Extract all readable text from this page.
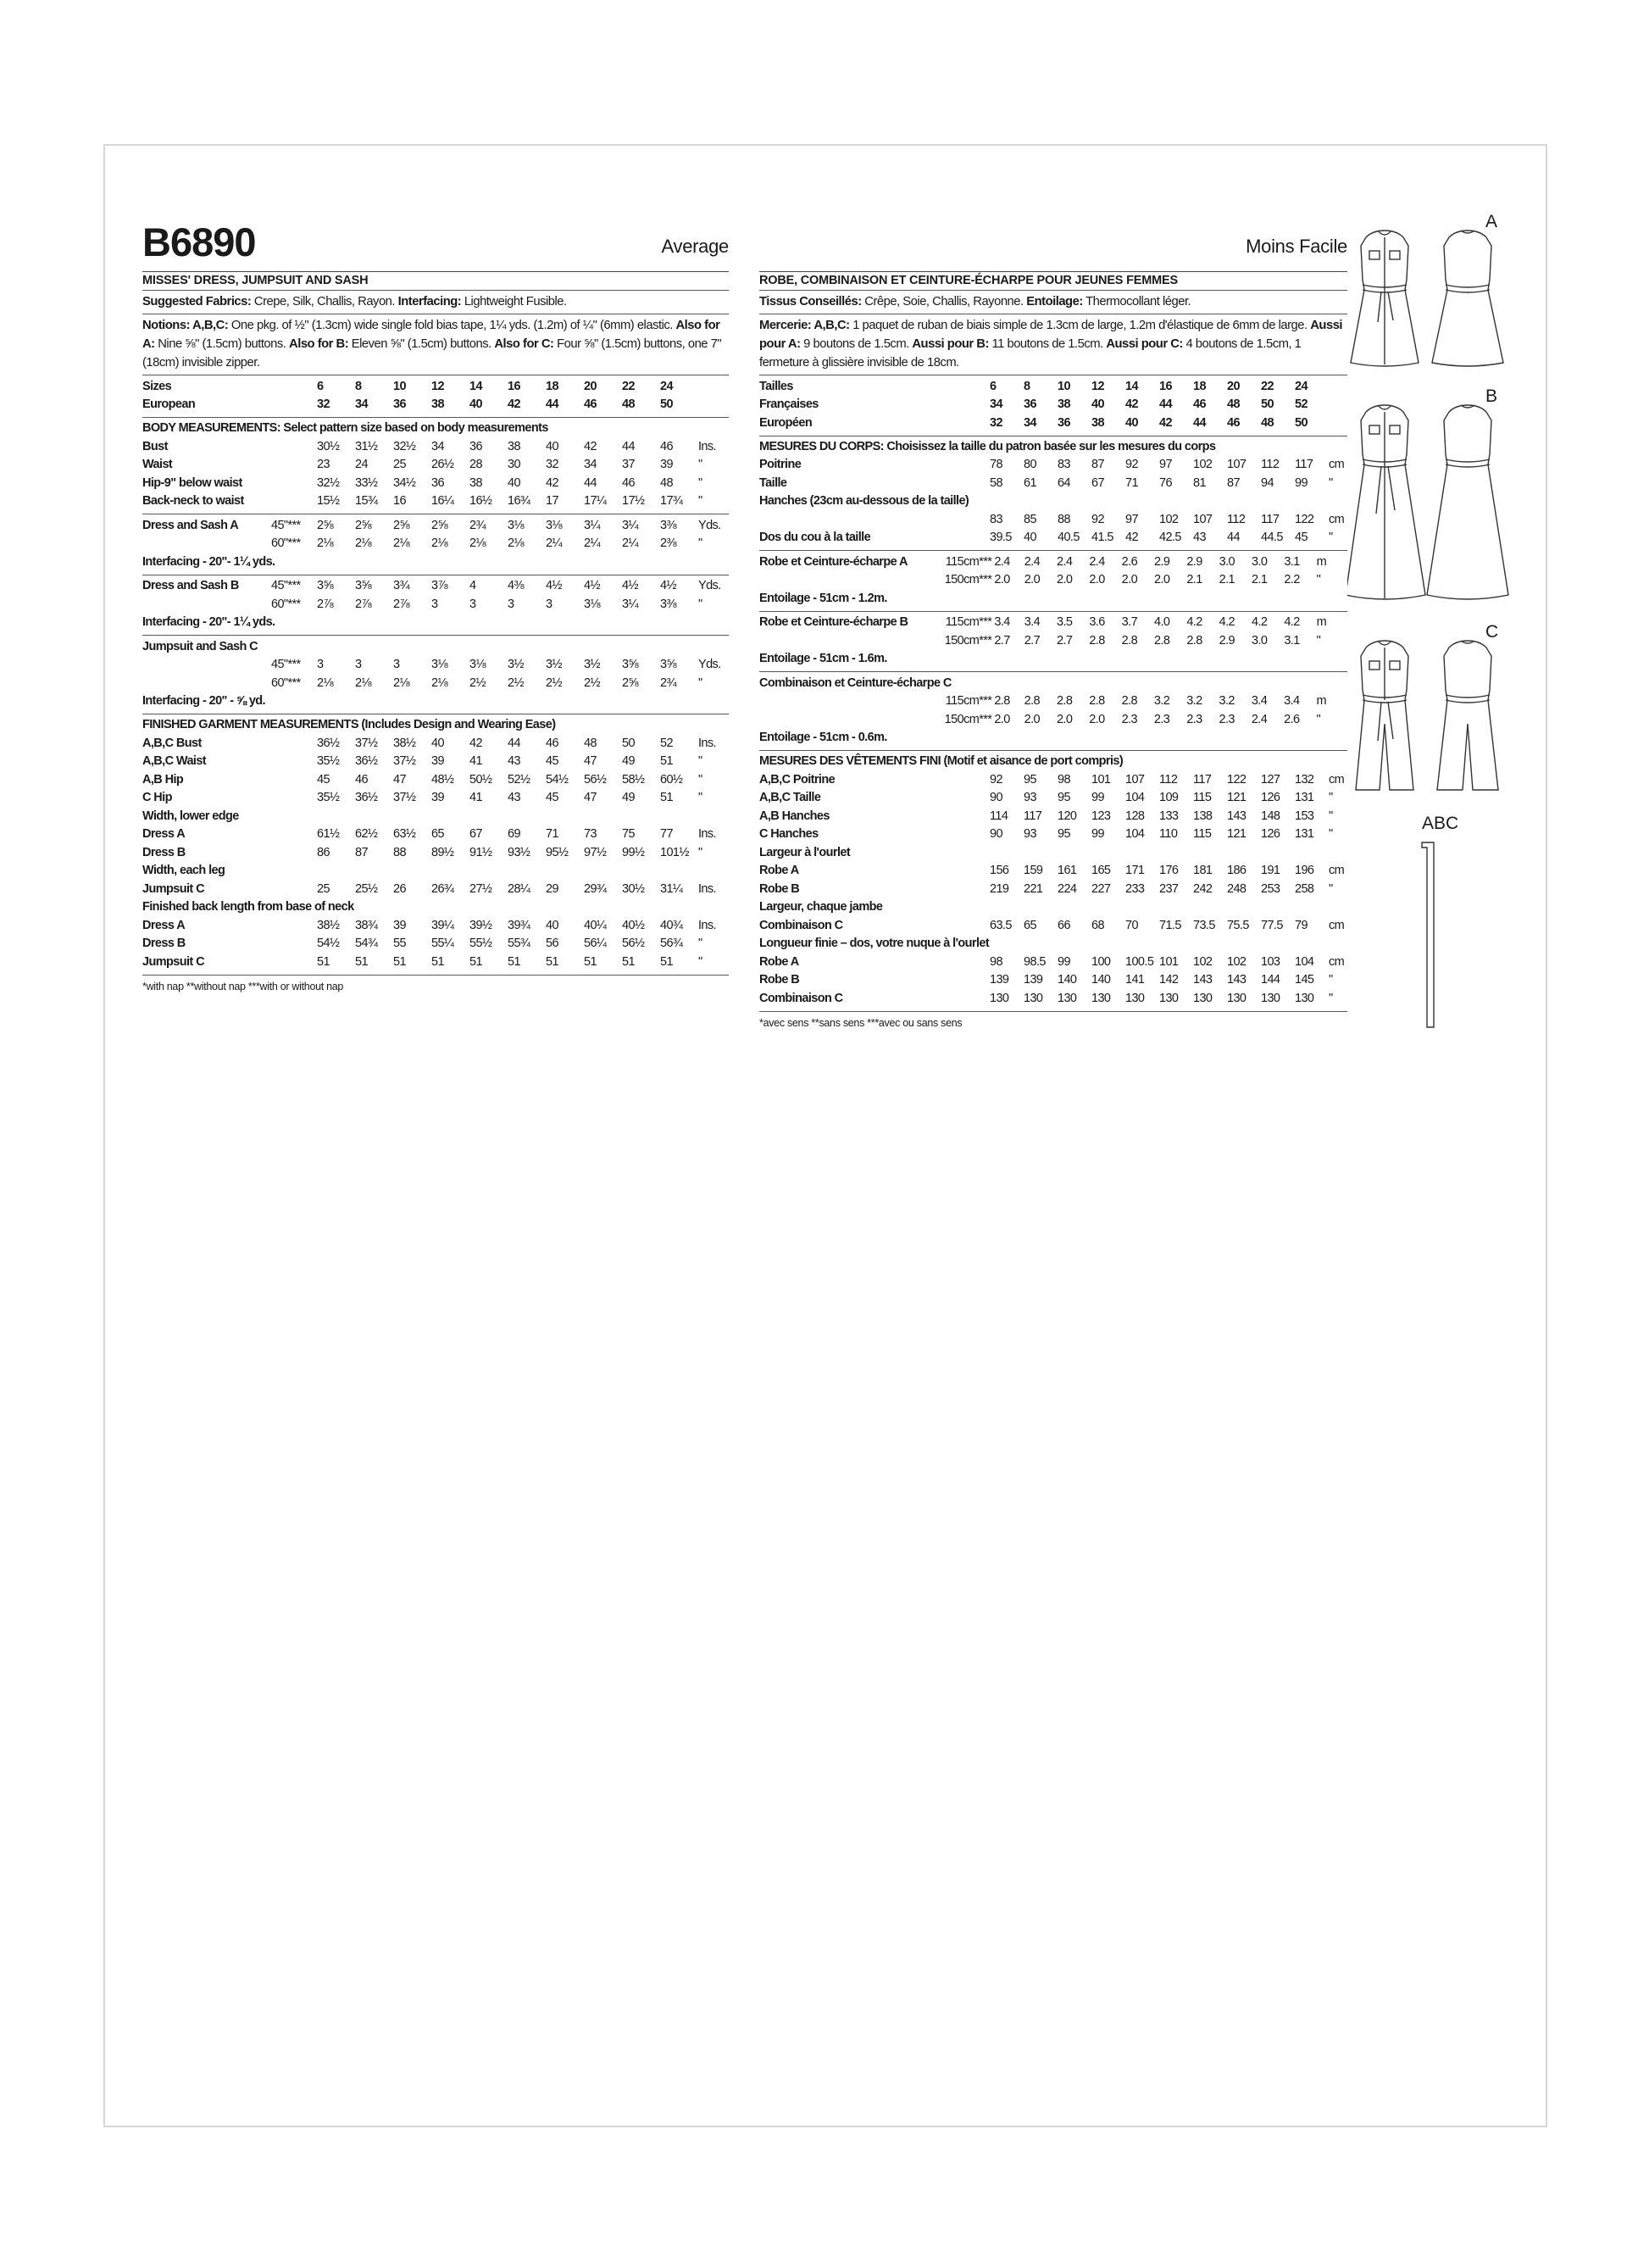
B6890	Average
MISSES' DRESS, JUMPSUIT AND SASH
Suggested Fabrics: Crepe, Silk, Challis, Rayon. Interfacing: Lightweight Fusible.
Notions: A,B,C: One pkg. of ½" (1.3cm) wide single fold bias tape, 1¼ yds. (1.2m) of ¼" (6mm) elastic. Also for A: Nine ⅝" (1.5cm) buttons. Also for B: Eleven ⅝" (1.5cm) buttons. Also for C: Four ⅝" (1.5cm) buttons, one 7" (18cm) invisible zipper.
Sizes	6	8	10	12	14	16	18	20	22	24	
European	32	34	36	38	40	42	44	46	48	50	
BODY MEASUREMENTS: Select pattern size based on body measurements
Bust	30½	31½	32½	34	36	38	40	42	44	46	Ins.
Waist	23	24	25	26½	28	30	32	34	37	39	"
Hip-9" below waist	32½	33½	34½	36	38	40	42	44	46	48	"
Back-neck to waist	15½	15¾	16	16¼	16½	16¾	17	17¼	17½	17¾	"
Dress and Sash A	45"***	2⅝	2⅝	2⅝	2⅝	2¾	3⅛	3⅛	3¼	3¼	3⅜	Yds.
	60"***	2⅛	2⅛	2⅛	2⅛	2⅛	2⅛	2¼	2¼	2¼	2⅜	"
Interfacing - 20"- 1¼ yds.												
Dress and Sash B	45"***	3⅝	3⅝	3¾	3⅞	4	4⅜	4½	4½	4½	4½	Yds.
	60"***	2⅞	2⅞	2⅞	3	3	3	3	3⅛	3¼	3⅜	"
Interfacing - 20"- 1¼ yds.												
Jumpsuit and Sash C												
	45"***	3	3	3	3⅛	3⅛	3½	3½	3½	3⅝	3⅝	Yds.
	60"***	2⅛	2⅛	2⅛	2⅛	2½	2½	2½	2½	2⅝	2¾	"
Interfacing - 20" - ⅝ yd.												
FINISHED GARMENT MEASUREMENTS (Includes Design and Wearing Ease)
A,B,C Bust	36½	37½	38½	40	42	44	46	48	50	52	Ins.
A,B,C Waist	35½	36½	37½	39	41	43	45	47	49	51	"
A,B Hip	45	46	47	48½	50½	52½	54½	56½	58½	60½	"
C Hip	35½	36½	37½	39	41	43	45	47	49	51	"
Width, lower edge											
Dress A	61½	62½	63½	65	67	69	71	73	75	77	Ins.
Dress B	86	87	88	89½	91½	93½	95½	97½	99½	101½	"
Width, each leg											
Jumpsuit C	25	25½	26	26¾	27½	28¼	29	29¾	30½	31¼	Ins.
Finished back length from base of neck											
Dress A	38½	38¾	39	39¼	39½	39¾	40	40¼	40½	40¾	Ins.
Dress B	54½	54¾	55	55¼	55½	55¾	56	56¼	56½	56¾	"
Jumpsuit C	51	51	51	51	51	51	51	51	51	51	"
*with nap **without nap ***with or without nap
Moins Facile
ROBE, COMBINAISON ET CEINTURE-ÉCHARPE POUR JEUNES FEMMES
Tissus Conseillés: Crêpe, Soie, Challis, Rayonne. Entoilage: Thermocollant léger.
Mercerie: A,B,C: 1 paquet de ruban de biais simple de 1.3cm de large, 1.2m d'élastique de 6mm de large. Aussi pour A: 9 boutons de 1.5cm. Aussi pour B: 11 boutons de 1.5cm. Aussi pour C: 4 boutons de 1.5cm, 1 fermeture à glissière invisible de 18cm.
Tailles	6	8	10	12	14	16	18	20	22	24	
Françaises	34	36	38	40	42	44	46	48	50	52	
Européen	32	34	36	38	40	42	44	46	48	50	
MESURES DU CORPS: Choisissez la taille du patron basée sur les mesures du corps
Poitrine	78	80	83	87	92	97	102	107	112	117	cm
Taille	58	61	64	67	71	76	81	87	94	99	"
Hanches (23cm au-dessous de la taille)											
	83	85	88	92	97	102	107	112	117	122	cm
Dos du cou à la taille	39.5	40	40.5	41.5	42	42.5	43	44	44.5	45	"
Robe et Ceinture-écharpe A	115cm***	2.4	2.4	2.4	2.4	2.6	2.9	2.9	3.0	3.0	3.1	m
	150cm***	2.0	2.0	2.0	2.0	2.0	2.0	2.1	2.1	2.1	2.2	"
Entoilage - 51cm - 1.2m.												
Robe et Ceinture-écharpe B	115cm***	3.4	3.4	3.5	3.6	3.7	4.0	4.2	4.2	4.2	4.2	m
	150cm***	2.7	2.7	2.7	2.8	2.8	2.8	2.8	2.9	3.0	3.1	"
Entoilage - 51cm - 1.6m.												
Combinaison et Ceinture-écharpe C												
	115cm***	2.8	2.8	2.8	2.8	2.8	3.2	3.2	3.2	3.4	3.4	m
	150cm***	2.0	2.0	2.0	2.0	2.3	2.3	2.3	2.3	2.4	2.6	"
Entoilage - 51cm - 0.6m.												
MESURES DES VÊTEMENTS FINI (Motif et aisance de port compris)
A,B,C Poitrine	92	95	98	101	107	112	117	122	127	132	cm
A,B,C Taille	90	93	95	99	104	109	115	121	126	131	"
A,B Hanches	114	117	120	123	128	133	138	143	148	153	"
C Hanches	90	93	95	99	104	110	115	121	126	131	"
Largeur à l'ourlet											
Robe A	156	159	161	165	171	176	181	186	191	196	cm
Robe B	219	221	224	227	233	237	242	248	253	258	"
Largeur, chaque jambe											
Combinaison C	63.5	65	66	68	70	71.5	73.5	75.5	77.5	79	cm
Longueur finie – dos, votre nuque à l'ourlet											
Robe A	98	98.5	99	100	100.5	101	102	102	103	104	cm
Robe B	139	139	140	140	141	142	143	143	144	145	"
Combinaison C	130	130	130	130	130	130	130	130	130	130	"
*avec sens **sans sens ***avec ou sans sens
A
B
C
ABC
